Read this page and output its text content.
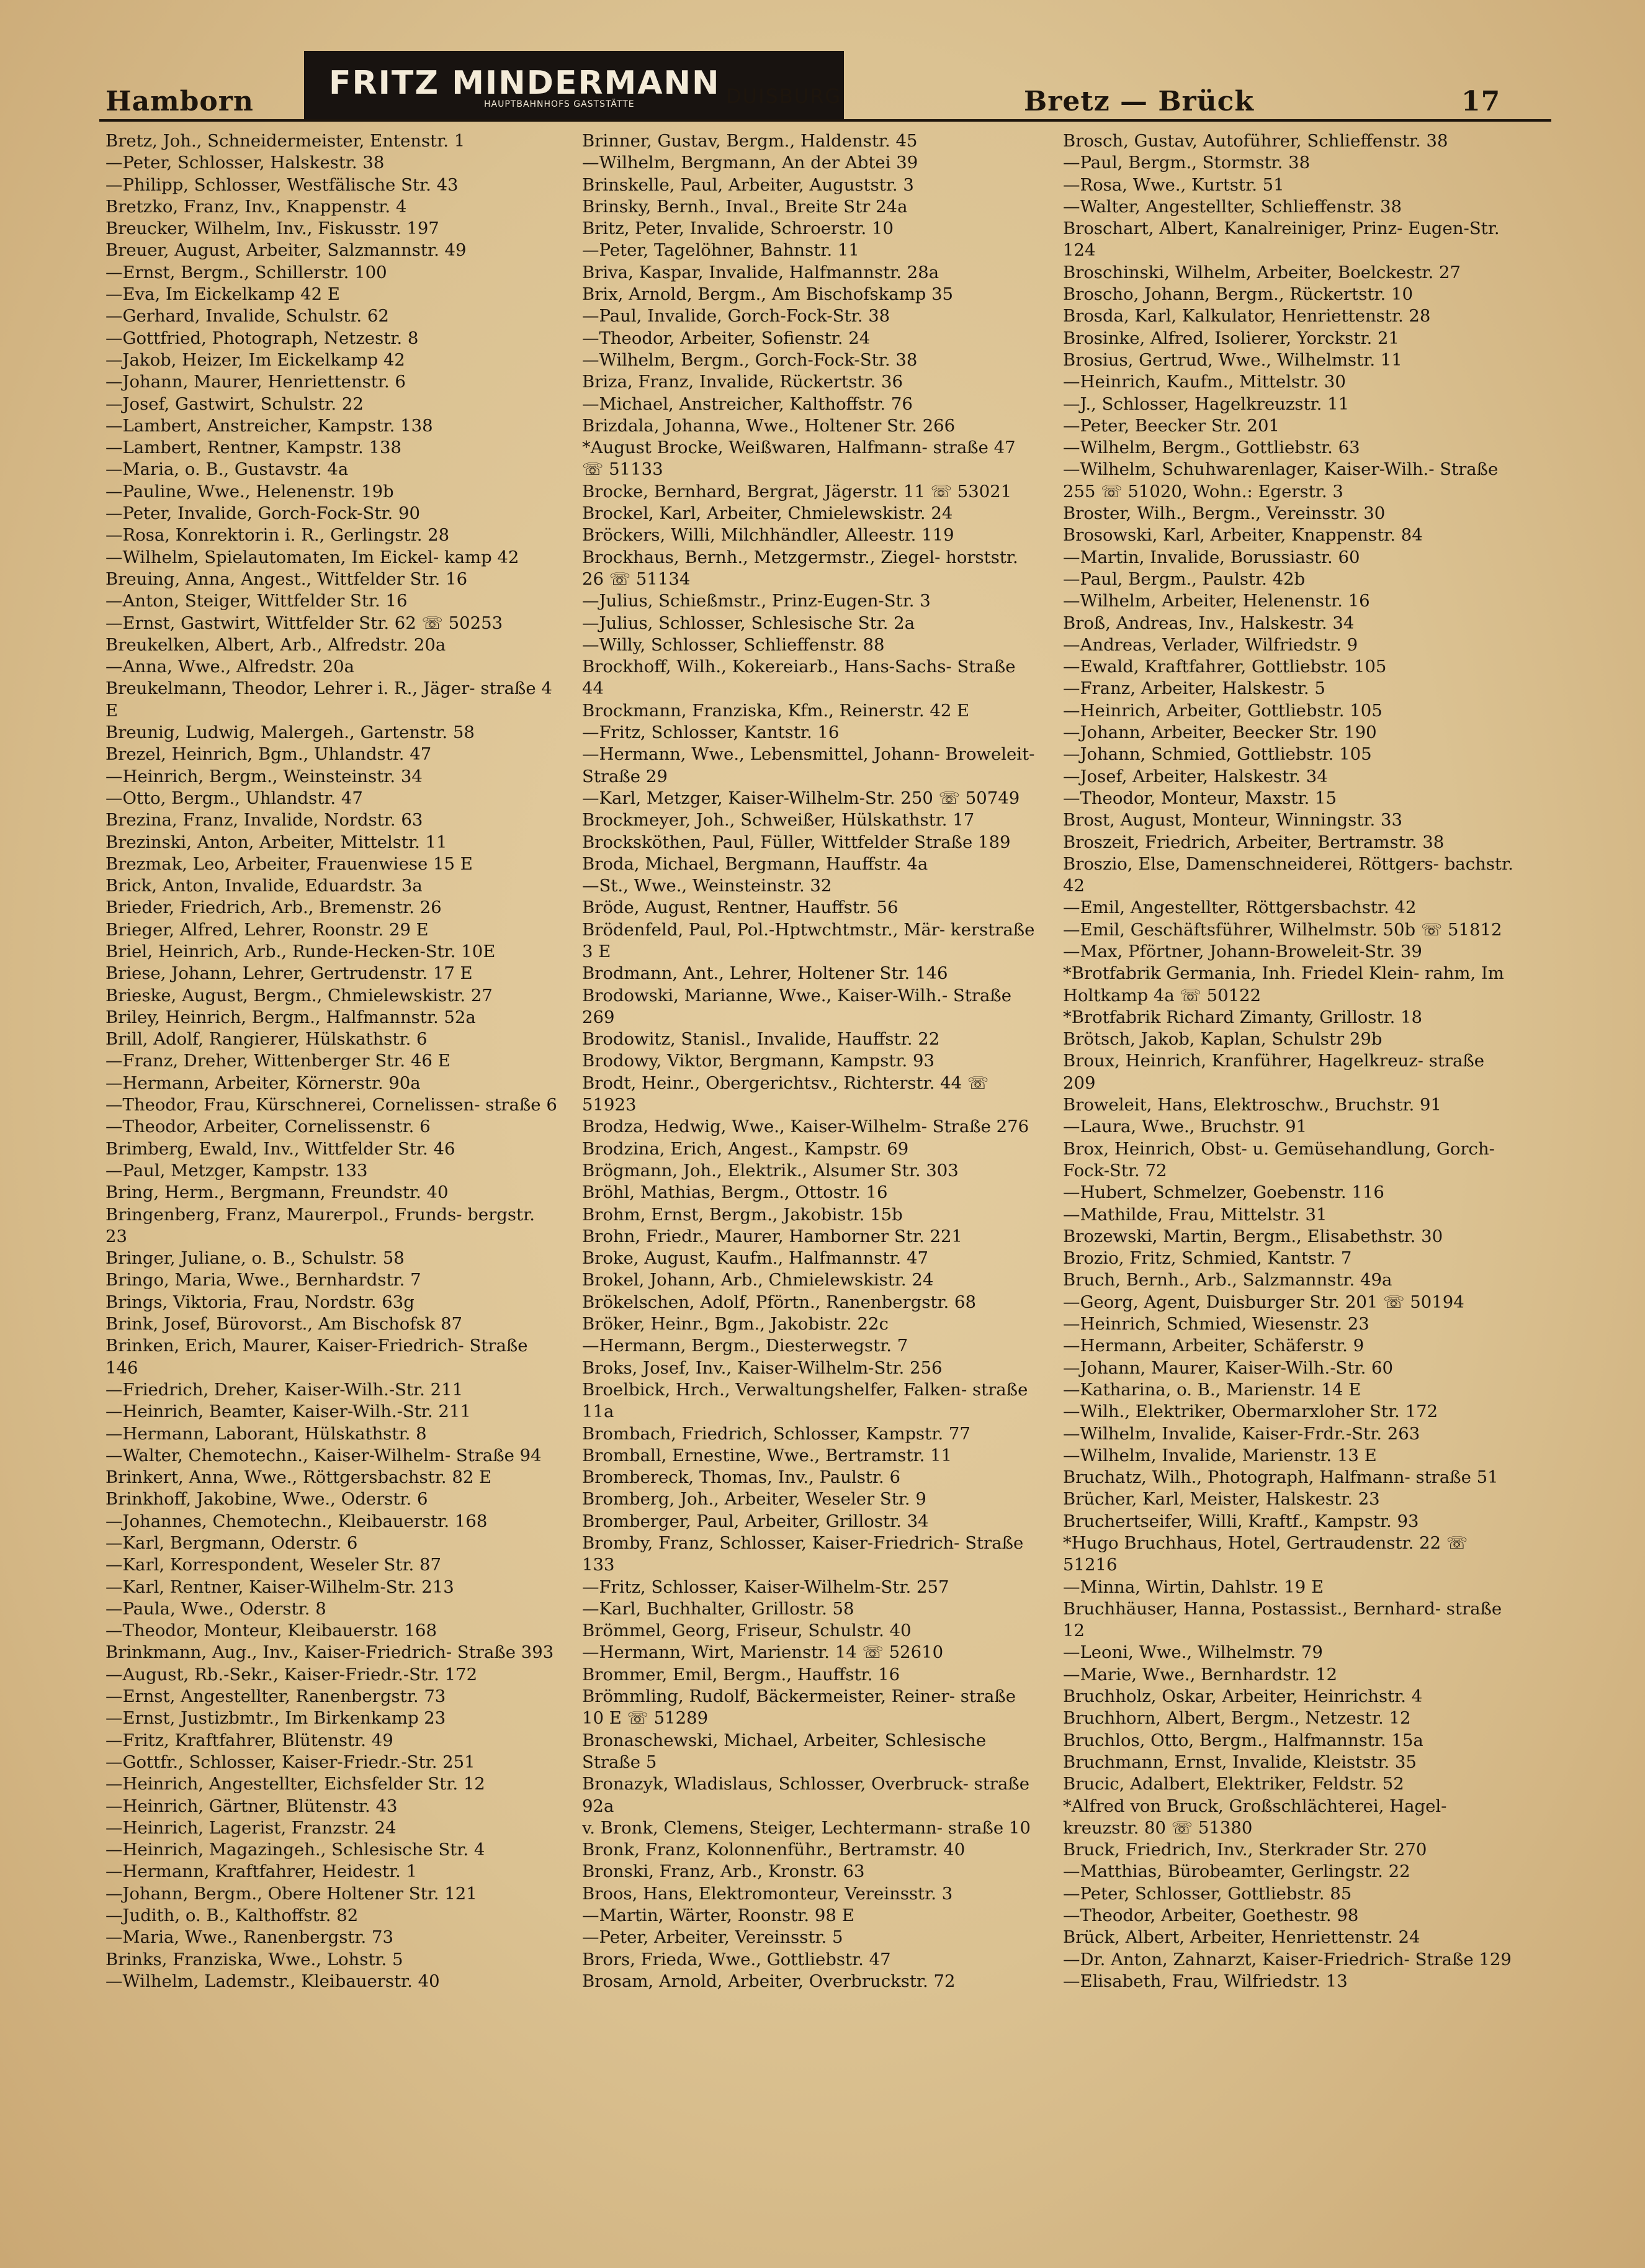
Hamborn FRITZ MINDERMANN
HAUPTBAHNHOFS GASTSTÄTTE	DUISBURG	Bretz — Brück	17
Bretz, Joh., Schneidermeister, Entenstr. 1
—Peter, Schlosser, Halskestr. 38
—Philipp, Schlosser, Westfälische Str. 43
Bretzko, Franz, Inv., Knappenstr. 4
Breucker, Wilhelm, Inv., Fiskusstr. 197
Breuer, August, Arbeiter, Salzmannstr. 49
—Ernst, Bergm., Schillerstr. 100
—Eva, Im Eickelkamp 42 E
—Gerhard, Invalide, Schulstr. 62
—Gottfried, Photograph, Netzestr. 8
—Jakob, Heizer, Im Eickelkamp 42
—Johann, Maurer, Henriettenstr. 6
—Josef, Gastwirt, Schulstr. 22
—Lambert, Anstreicher, Kampstr. 138
—Lambert, Rentner, Kampstr. 138
—Maria, o. B., Gustavstr. 4a
—Pauline, Wwe., Helenenstr. 19b
—Peter, Invalide, Gorch-Fock-Str. 90
—Rosa, Konrektorin i. R., Gerlingstr. 28
—Wilhelm, Spielautomaten, Im Eickel- kamp 42
Breuing, Anna, Angest., Wittfelder Str. 16
—Anton, Steiger, Wittfelder Str. 16
—Ernst, Gastwirt, Wittfelder Str. 62 ☏ 50253
Breukelken, Albert, Arb., Alfredstr. 20a
—Anna, Wwe., Alfredstr. 20a
Breukelmann, Theodor, Lehrer i. R., Jäger- straße 4 E
Breunig, Ludwig, Malergeh., Gartenstr. 58
Brezel, Heinrich, Bgm., Uhlandstr. 47
—Heinrich, Bergm., Weinsteinstr. 34
—Otto, Bergm., Uhlandstr. 47
Brezina, Franz, Invalide, Nordstr. 63
Brezinski, Anton, Arbeiter, Mittelstr. 11
Brezmak, Leo, Arbeiter, Frauenwiese 15 E
Brick, Anton, Invalide, Eduardstr. 3a
Brieder, Friedrich, Arb., Bremenstr. 26
Brieger, Alfred, Lehrer, Roonstr. 29 E
Briel, Heinrich, Arb., Runde-Hecken-Str. 10E
Briese, Johann, Lehrer, Gertrudenstr. 17 E
Brieske, August, Bergm., Chmielewskistr. 27
Briley, Heinrich, Bergm., Halfmannstr. 52a
Brill, Adolf, Rangierer, Hülskathstr. 6
—Franz, Dreher, Wittenberger Str. 46 E
—Hermann, Arbeiter, Körnerstr. 90a
—Theodor, Frau, Kürschnerei, Cornelissen- straße 6
—Theodor, Arbeiter, Cornelissenstr. 6
Brimberg, Ewald, Inv., Wittfelder Str. 46
—Paul, Metzger, Kampstr. 133
Bring, Herm., Bergmann, Freundstr. 40
Bringenberg, Franz, Maurerpol., Frunds- bergstr. 23
Bringer, Juliane, o. B., Schulstr. 58
Bringo, Maria, Wwe., Bernhardstr. 7
Brings, Viktoria, Frau, Nordstr. 63g
Brink, Josef, Bürovorst., Am Bischofsk 87
Brinken, Erich, Maurer, Kaiser-Friedrich- Straße 146
—Friedrich, Dreher, Kaiser-Wilh.-Str. 211
—Heinrich, Beamter, Kaiser-Wilh.-Str. 211
—Hermann, Laborant, Hülskathstr. 8
—Walter, Chemotechn., Kaiser-Wilhelm- Straße 94
Brinkert, Anna, Wwe., Röttgersbachstr. 82 E
Brinkhoff, Jakobine, Wwe., Oderstr. 6
—Johannes, Chemotechn., Kleibauerstr. 168
—Karl, Bergmann, Oderstr. 6
—Karl, Korrespondent, Weseler Str. 87
—Karl, Rentner, Kaiser-Wilhelm-Str. 213
—Paula, Wwe., Oderstr. 8
—Theodor, Monteur, Kleibauerstr. 168
Brinkmann, Aug., Inv., Kaiser-Friedrich- Straße 393
—August, Rb.-Sekr., Kaiser-Friedr.-Str. 172
—Ernst, Angestellter, Ranenbergstr. 73
—Ernst, Justizbmtr., Im Birkenkamp 23
—Fritz, Kraftfahrer, Blütenstr. 49
—Gottfr., Schlosser, Kaiser-Friedr.-Str. 251
—Heinrich, Angestellter, Eichsfelder Str. 12
—Heinrich, Gärtner, Blütenstr. 43
—Heinrich, Lagerist, Franzstr. 24
—Heinrich, Magazingeh., Schlesische Str. 4
—Hermann, Kraftfahrer, Heidestr. 1
—Johann, Bergm., Obere Holtener Str. 121
—Judith, o. B., Kalthoffstr. 82
—Maria, Wwe., Ranenbergstr. 73
Brinks, Franziska, Wwe., Lohstr. 5
—Wilhelm, Lademstr., Kleibauerstr. 40
Brinner, Gustav, Bergm., Haldenstr. 45
—Wilhelm, Bergmann, An der Abtei 39
Brinskelle, Paul, Arbeiter, Auguststr. 3
Brinsky, Bernh., Inval., Breite Str 24a
Britz, Peter, Invalide, Schroerstr. 10
—Peter, Tagelöhner, Bahnstr. 11
Briva, Kaspar, Invalide, Halfmannstr. 28a
Brix, Arnold, Bergm., Am Bischofskamp 35
—Paul, Invalide, Gorch-Fock-Str. 38
—Theodor, Arbeiter, Sofienstr. 24
—Wilhelm, Bergm., Gorch-Fock-Str. 38
Briza, Franz, Invalide, Rückertstr. 36
—Michael, Anstreicher, Kalthoffstr. 76
Brizdala, Johanna, Wwe., Holtener Str. 266
*August Brocke, Weißwaren, Halfmann- straße 47 ☏ 51133
Brocke, Bernhard, Bergrat, Jägerstr. 11 ☏ 53021
Brockel, Karl, Arbeiter, Chmielewskistr. 24
Bröckers, Willi, Milchhändler, Alleestr. 119
Brockhaus, Bernh., Metzgermstr., Ziegel- horststr. 26 ☏ 51134
—Julius, Schießmstr., Prinz-Eugen-Str. 3
—Julius, Schlosser, Schlesische Str. 2a
—Willy, Schlosser, Schlieffenstr. 88
Brockhoff, Wilh., Kokereiarb., Hans-Sachs- Straße 44
Brockmann, Franziska, Kfm., Reinerstr. 42 E
—Fritz, Schlosser, Kantstr. 16
—Hermann, Wwe., Lebensmittel, Johann- Broweleit-Straße 29
—Karl, Metzger, Kaiser-Wilhelm-Str. 250 ☏ 50749
Brockmeyer, Joh., Schweißer, Hülskathstr. 17
Brocksköthen, Paul, Füller, Wittfelder Straße 189
Broda, Michael, Bergmann, Hauffstr. 4a
—St., Wwe., Weinsteinstr. 32
Bröde, August, Rentner, Hauffstr. 56
Brödenfeld, Paul, Pol.-Hptwchtmstr., Mär- kerstraße 3 E
Brodmann, Ant., Lehrer, Holtener Str. 146
Brodowski, Marianne, Wwe., Kaiser-Wilh.- Straße 269
Brodowitz, Stanisl., Invalide, Hauffstr. 22
Brodowy, Viktor, Bergmann, Kampstr. 93
Brodt, Heinr., Obergerichtsv., Richterstr. 44 ☏ 51923
Brodza, Hedwig, Wwe., Kaiser-Wilhelm- Straße 276
Brodzina, Erich, Angest., Kampstr. 69
Brögmann, Joh., Elektrik., Alsumer Str. 303
Bröhl, Mathias, Bergm., Ottostr. 16
Brohm, Ernst, Bergm., Jakobistr. 15b
Brohn, Friedr., Maurer, Hamborner Str. 221
Broke, August, Kaufm., Halfmannstr. 47
Brokel, Johann, Arb., Chmielewskistr. 24
Brökelschen, Adolf, Pförtn., Ranenbergstr. 68
Bröker, Heinr., Bgm., Jakobistr. 22c
—Hermann, Bergm., Diesterwegstr. 7
Broks, Josef, Inv., Kaiser-Wilhelm-Str. 256
Broelbick, Hrch., Verwaltungshelfer, Falken- straße 11a
Brombach, Friedrich, Schlosser, Kampstr. 77
Bromball, Ernestine, Wwe., Bertramstr. 11
Brombereck, Thomas, Inv., Paulstr. 6
Bromberg, Joh., Arbeiter, Weseler Str. 9
Bromberger, Paul, Arbeiter, Grillostr. 34
Bromby, Franz, Schlosser, Kaiser-Friedrich- Straße 133
—Fritz, Schlosser, Kaiser-Wilhelm-Str. 257
—Karl, Buchhalter, Grillostr. 58
Brömmel, Georg, Friseur, Schulstr. 40
—Hermann, Wirt, Marienstr. 14 ☏ 52610
Brommer, Emil, Bergm., Hauffstr. 16
Brömmling, Rudolf, Bäckermeister, Reiner- straße 10 E ☏ 51289
Bronaschewski, Michael, Arbeiter, Schlesische Straße 5
Bronazyk, Wladislaus, Schlosser, Overbruck- straße 92a
v. Bronk, Clemens, Steiger, Lechtermann- straße 10
Bronk, Franz, Kolonnenführ., Bertramstr. 40
Bronski, Franz, Arb., Kronstr. 63
Broos, Hans, Elektromonteur, Vereinsstr. 3
—Martin, Wärter, Roonstr. 98 E
—Peter, Arbeiter, Vereinsstr. 5
Brors, Frieda, Wwe., Gottliebstr. 47
Brosam, Arnold, Arbeiter, Overbruckstr. 72
Brosch, Gustav, Autoführer, Schlieffenstr. 38
—Paul, Bergm., Stormstr. 38
—Rosa, Wwe., Kurtstr. 51
—Walter, Angestellter, Schlieffenstr. 38
Broschart, Albert, Kanalreiniger, Prinz- Eugen-Str. 124
Broschinski, Wilhelm, Arbeiter, Boelckestr. 27
Broscho, Johann, Bergm., Rückertstr. 10
Brosda, Karl, Kalkulator, Henriettenstr. 28
Brosinke, Alfred, Isolierer, Yorckstr. 21
Brosius, Gertrud, Wwe., Wilhelmstr. 11
—Heinrich, Kaufm., Mittelstr. 30
—J., Schlosser, Hagelkreuzstr. 11
—Peter, Beecker Str. 201
—Wilhelm, Bergm., Gottliebstr. 63
—Wilhelm, Schuhwarenlager, Kaiser-Wilh.- Straße 255 ☏ 51020, Wohn.: Egerstr. 3
Broster, Wilh., Bergm., Vereinsstr. 30
Brosowski, Karl, Arbeiter, Knappenstr. 84
—Martin, Invalide, Borussiastr. 60
—Paul, Bergm., Paulstr. 42b
—Wilhelm, Arbeiter, Helenenstr. 16
Broß, Andreas, Inv., Halskestr. 34
—Andreas, Verlader, Wilfriedstr. 9
—Ewald, Kraftfahrer, Gottliebstr. 105
—Franz, Arbeiter, Halskestr. 5
—Heinrich, Arbeiter, Gottliebstr. 105
—Johann, Arbeiter, Beecker Str. 190
—Johann, Schmied, Gottliebstr. 105
—Josef, Arbeiter, Halskestr. 34
—Theodor, Monteur, Maxstr. 15
Brost, August, Monteur, Winningstr. 33
Broszeit, Friedrich, Arbeiter, Bertramstr. 38
Broszio, Else, Damenschneiderei, Röttgers- bachstr. 42
—Emil, Angestellter, Röttgersbachstr. 42
—Emil, Geschäftsführer, Wilhelmstr. 50b ☏ 51812
—Max, Pförtner, Johann-Broweleit-Str. 39
*Brotfabrik Germania, Inh. Friedel Klein- rahm, Im Holtkamp 4a ☏ 50122
*Brotfabrik Richard Zimanty, Grillostr. 18
Brötsch, Jakob, Kaplan, Schulstr 29b
Broux, Heinrich, Kranführer, Hagelkreuz- straße 209
Broweleit, Hans, Elektroschw., Bruchstr. 91
—Laura, Wwe., Bruchstr. 91
Brox, Heinrich, Obst- u. Gemüsehandlung, Gorch-Fock-Str. 72
—Hubert, Schmelzer, Goebenstr. 116
—Mathilde, Frau, Mittelstr. 31
Brozewski, Martin, Bergm., Elisabethstr. 30
Brozio, Fritz, Schmied, Kantstr. 7
Bruch, Bernh., Arb., Salzmannstr. 49a
—Georg, Agent, Duisburger Str. 201 ☏ 50194
—Heinrich, Schmied, Wiesenstr. 23
—Hermann, Arbeiter, Schäferstr. 9
—Johann, Maurer, Kaiser-Wilh.-Str. 60
—Katharina, o. B., Marienstr. 14 E
—Wilh., Elektriker, Obermarxloher Str. 172
—Wilhelm, Invalide, Kaiser-Frdr.-Str. 263
—Wilhelm, Invalide, Marienstr. 13 E
Bruchatz, Wilh., Photograph, Halfmann- straße 51
Brücher, Karl, Meister, Halskestr. 23
Bruchertseifer, Willi, Kraftf., Kampstr. 93
*Hugo Bruchhaus, Hotel, Gertraudenstr. 22 ☏ 51216
—Minna, Wirtin, Dahlstr. 19 E
Bruchhäuser, Hanna, Postassist., Bernhard- straße 12
—Leoni, Wwe., Wilhelmstr. 79
—Marie, Wwe., Bernhardstr. 12
Bruchholz, Oskar, Arbeiter, Heinrichstr. 4
Bruchhorn, Albert, Bergm., Netzestr. 12
Bruchlos, Otto, Bergm., Halfmannstr. 15a
Bruchmann, Ernst, Invalide, Kleiststr. 35
Brucic, Adalbert, Elektriker, Feldstr. 52
*Alfred von Bruck, Großschlächterei, Hagel- kreuzstr. 80 ☏ 51380
Bruck, Friedrich, Inv., Sterkrader Str. 270
—Matthias, Bürobeamter, Gerlingstr. 22
—Peter, Schlosser, Gottliebstr. 85
—Theodor, Arbeiter, Goethestr. 98
Brück, Albert, Arbeiter, Henriettenstr. 24
—Dr. Anton, Zahnarzt, Kaiser-Friedrich- Straße 129
—Elisabeth, Frau, Wilfriedstr. 13
